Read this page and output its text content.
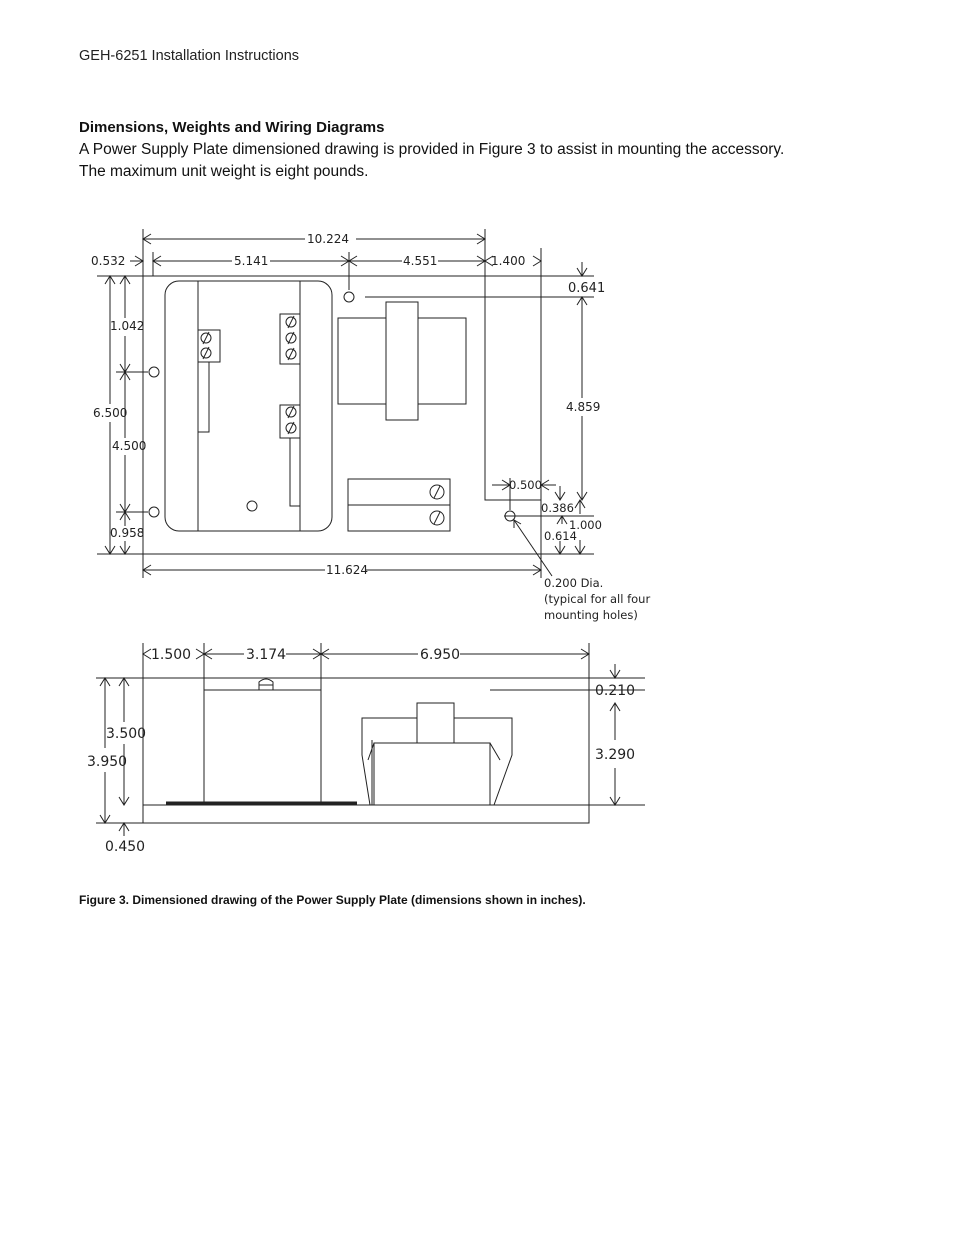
GEH-6251 Installation Instructions

Dimensions, Weights and Wiring Diagrams

A Power Supply Plate dimensioned drawing is provided in Figure 3 to assist in mounting the accessory.
The maximum unit weight is eight pounds.

10.224
0.532	5.141	4.551	1.400
0.641
4.859
6.500
1.042
4.500
0.958
0.500
0.386
0.614
1.000
11.624
0.200 Dia.
(typical for all four
mounting holes)
1.500	3.174	6.950
0.210
3.290
3.500
3.950
0.450
Figure 3. Dimensioned drawing of the Power Supply Plate (dimensions shown in inches).
